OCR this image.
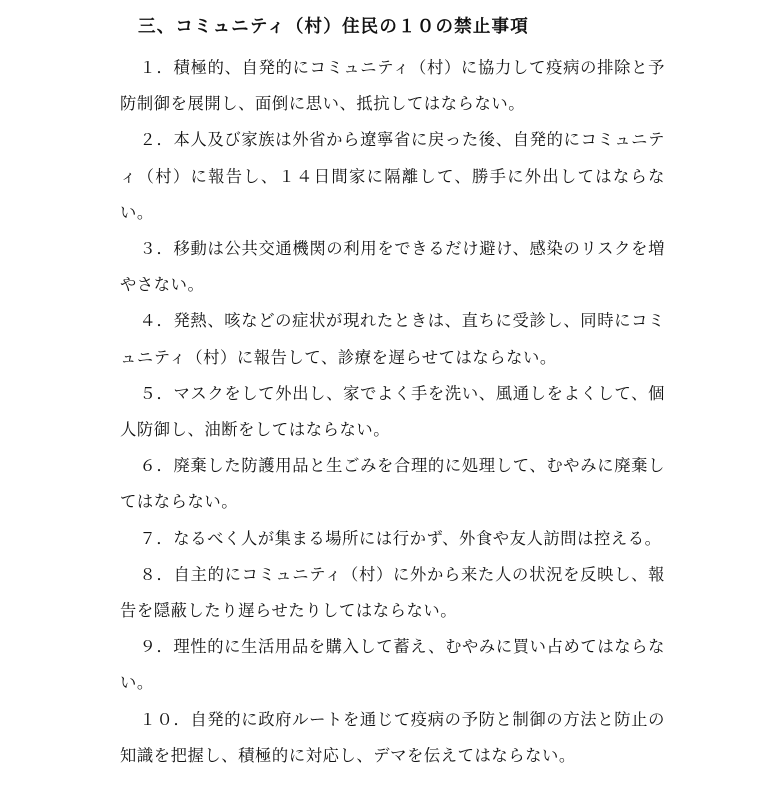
三、コミュニティ（村）住民の１０の禁止事項
１．積極的、自発的にコミュニティ（村）に協力して疫病の排除と予防制御を展開し、面倒に思い、抵抗してはならない。
２．本人及び家族は外省から遼寧省に戻った後、自発的にコミュニティ（村）に報告し、１４日間家に隔離して、勝手に外出してはならない。
３．移動は公共交通機関の利用をできるだけ避け、感染のリスクを増やさない。
４．発熱、咳などの症状が現れたときは、直ちに受診し、同時にコミュニティ（村）に報告して、診療を遅らせてはならない。
５．マスクをして外出し、家でよく手を洗い、風通しをよくして、個人防御し、油断をしてはならない。
６．廃棄した防護用品と生ごみを合理的に処理して、むやみに廃棄してはならない。
７．なるべく人が集まる場所には行かず、外食や友人訪問は控える。
８．自主的にコミュニティ（村）に外から来た人の状況を反映し、報告を隠蔽したり遅らせたりしてはならない。
９．理性的に生活用品を購入して蓄え、むやみに買い占めてはならない。
１０．自発的に政府ルートを通じて疫病の予防と制御の方法と防止の知識を把握し、積極的に対応し、デマを伝えてはならない。
